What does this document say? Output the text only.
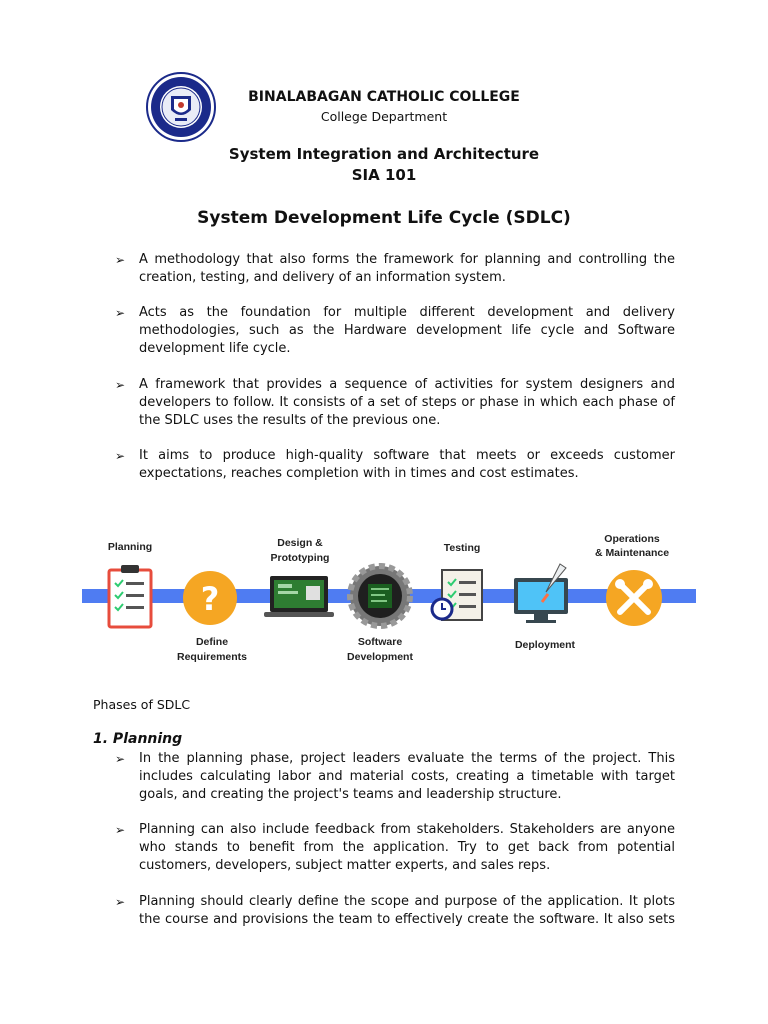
BINALABAGAN CATHOLIC COLLEGE
College Department
System Integration and Architecture
SIA 101
System Development Life Cycle (SDLC)
➢ A methodology that also forms the framework for planning and controlling the creation, testing, and delivery of an information system.
➢ Acts as the foundation for multiple different development and delivery methodologies, such as the Hardware development life cycle and Software development life cycle.
➢ A framework that provides a sequence of activities for system designers and developers to follow. It consists of a set of steps or phase in which each phase of the SDLC uses the results of the previous one.
➢ It aims to produce high-quality software that meets or exceeds customer expectations, reaches completion with in times and cost estimates.
?
Planning	Design &
Prototyping
Testing
Operations
& Maintenance
Define
Requirements
Software
Development
Deployment
Phases of SDLC
1. Planning
➢ In the planning phase, project leaders evaluate the terms of the project. This includes calculating labor and material costs, creating a timetable with target goals, and creating the project's teams and leadership structure.
➢ Planning can also include feedback from stakeholders. Stakeholders are anyone who stands to benefit from the application. Try to get back from potential customers, developers, subject matter experts, and sales reps.
➢ Planning should clearly define the scope and purpose of the application. It plots the course and provisions the team to effectively create the software. It also sets
